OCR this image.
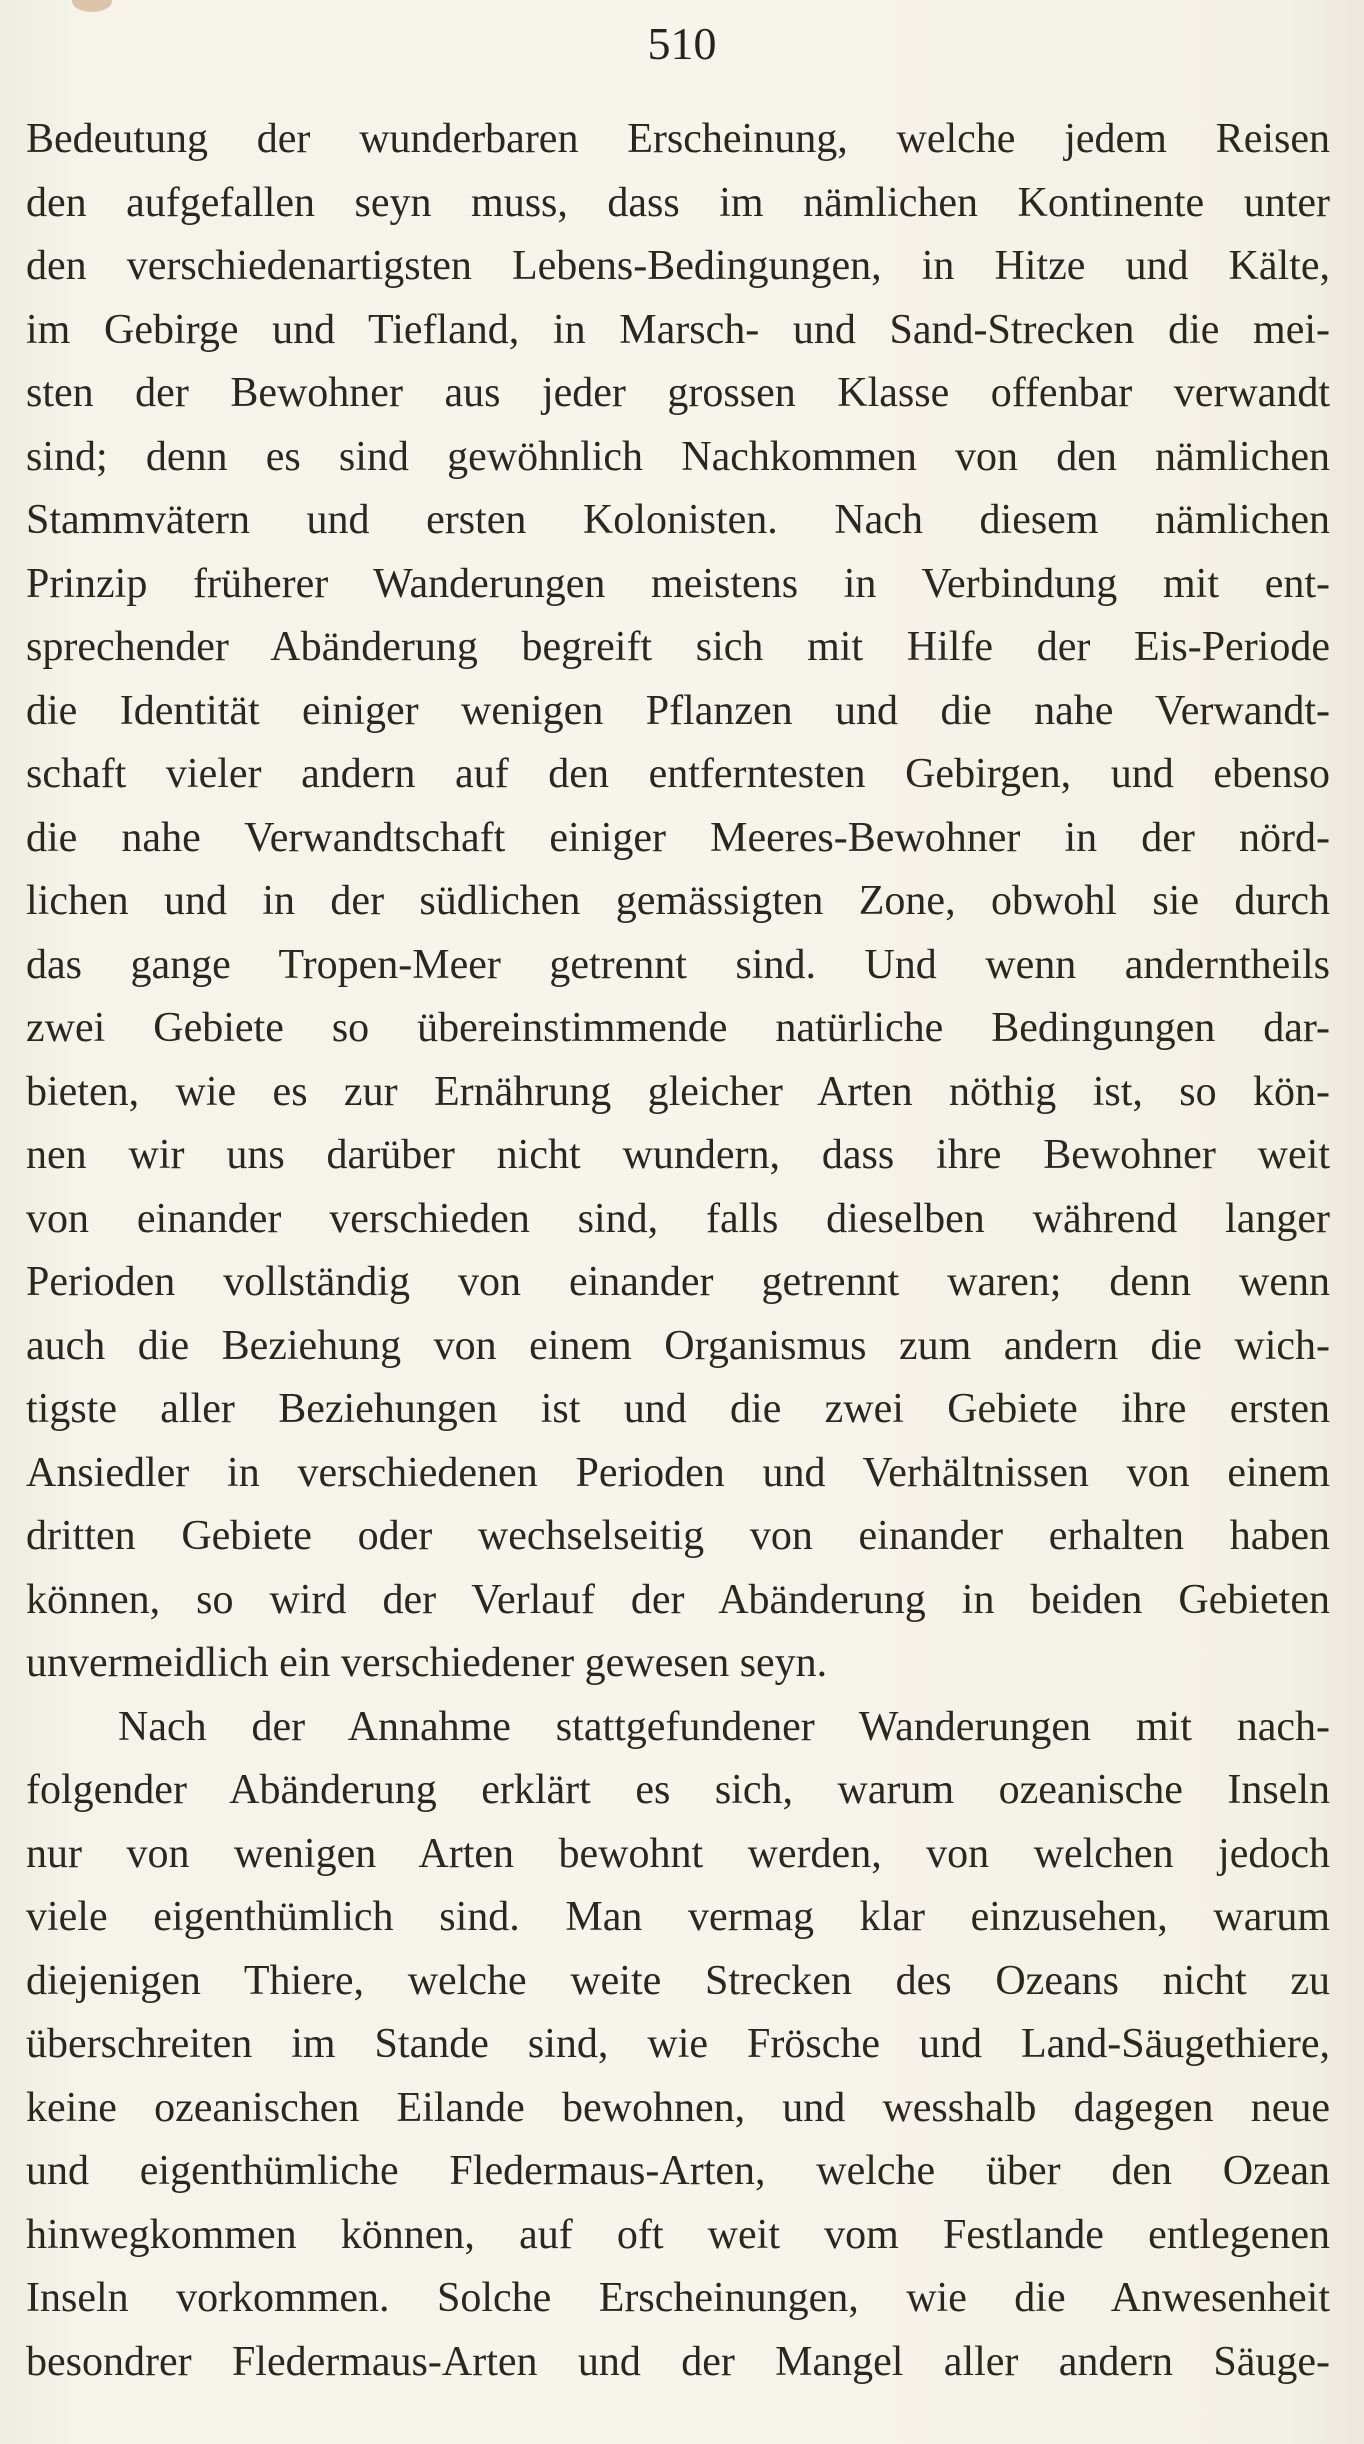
510
Bedeutung der wunderbaren Erscheinung, welche jedem Reisen
den aufgefallen seyn muss, dass im nämlichen Kontinente unter
den verschiedenartigsten Lebens-Bedingungen, in Hitze und Kälte,
im Gebirge und Tiefland, in Marsch- und Sand-Strecken die mei-
sten der Bewohner aus jeder grossen Klasse offenbar verwandt
sind; denn es sind gewöhnlich Nachkommen von den nämlichen
Stammvätern und ersten Kolonisten. Nach diesem nämlichen
Prinzip früherer Wanderungen meistens in Verbindung mit ent-
sprechender Abänderung begreift sich mit Hilfe der Eis-Periode
die Identität einiger wenigen Pflanzen und die nahe Verwandt-
schaft vieler andern auf den entferntesten Gebirgen, und ebenso
die nahe Verwandtschaft einiger Meeres-Bewohner in der nörd-
lichen und in der südlichen gemässigten Zone, obwohl sie durch
das gange Tropen-Meer getrennt sind. Und wenn anderntheils
zwei Gebiete so übereinstimmende natürliche Bedingungen dar-
bieten, wie es zur Ernährung gleicher Arten nöthig ist, so kön-
nen wir uns darüber nicht wundern, dass ihre Bewohner weit
von einander verschieden sind, falls dieselben während langer
Perioden vollständig von einander getrennt waren; denn wenn
auch die Beziehung von einem Organismus zum andern die wich-
tigste aller Beziehungen ist und die zwei Gebiete ihre ersten
Ansiedler in verschiedenen Perioden und Verhältnissen von einem
dritten Gebiete oder wechselseitig von einander erhalten haben
können, so wird der Verlauf der Abänderung in beiden Gebieten
unvermeidlich ein verschiedener gewesen seyn.
Nach der Annahme stattgefundener Wanderungen mit nach-
folgender Abänderung erklärt es sich, warum ozeanische Inseln
nur von wenigen Arten bewohnt werden, von welchen jedoch
viele eigenthümlich sind. Man vermag klar einzusehen, warum
diejenigen Thiere, welche weite Strecken des Ozeans nicht zu
überschreiten im Stande sind, wie Frösche und Land-Säugethiere,
keine ozeanischen Eilande bewohnen, und wesshalb dagegen neue
und eigenthümliche Fledermaus-Arten, welche über den Ozean
hinwegkommen können, auf oft weit vom Festlande entlegenen
Inseln vorkommen. Solche Erscheinungen, wie die Anwesenheit
besondrer Fledermaus-Arten und der Mangel aller andern Säuge-
